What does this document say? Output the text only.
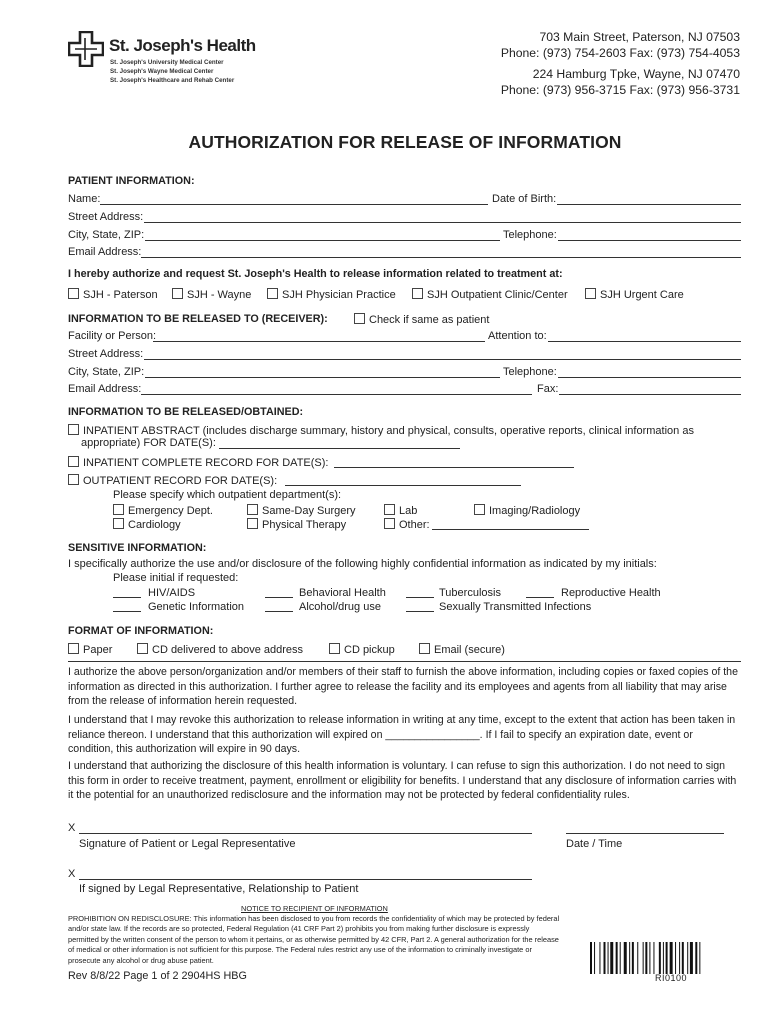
St. Joseph's Health
St. Joseph's University Medical Center
St. Joseph's Wayne Medical Center
St. Joseph's Healthcare and Rehab Center
703 Main Street, Paterson, NJ 07503
Phone: (973) 754-2603 Fax: (973) 754-4053
224 Hamburg Tpke, Wayne, NJ 07470
Phone: (973) 956-3715 Fax: (973) 956-3731
AUTHORIZATION FOR RELEASE OF INFORMATION
PATIENT INFORMATION:
Name:	Date of Birth:
Street Address:
City, State, ZIP:	Telephone:
Email Address:
I hereby authorize and request St. Joseph's Health to release information related to treatment at:
SJH - Paterson	SJH - Wayne	SJH Physician Practice	SJH Outpatient Clinic/Center	SJH Urgent Care
INFORMATION TO BE RELEASED TO (RECEIVER):	Check if same as patient
Facility or Person:	Attention to:
Street Address:
City, State, ZIP:	Telephone:
Email Address:	Fax:
INFORMATION TO BE RELEASED/OBTAINED:
INPATIENT ABSTRACT (includes discharge summary, history and physical, consults, operative reports, clinical information as
appropriate) FOR DATE(S):
INPATIENT COMPLETE RECORD FOR DATE(S):
OUTPATIENT RECORD FOR DATE(S):
Please specify which outpatient department(s):
Emergency Dept.	Same-Day Surgery	Lab	Imaging/Radiology
Cardiology	Physical Therapy	Other:
SENSITIVE INFORMATION:
I specifically authorize the use and/or disclosure of the following highly confidential information as indicated by my initials:
Please initial if requested:
HIV/AIDS	Behavioral Health	Tuberculosis	Reproductive Health
Genetic Information	Alcohol/drug use	Sexually Transmitted Infections
FORMAT OF INFORMATION:
Paper	CD delivered to above address	CD pickup	Email (secure)
I authorize the above person/organization and/or members of their staff to furnish the above information, including copies or faxed copies of the information as directed in this authorization. I further agree to release the facility and its employees and agents from all liability that may arise from the release of information herein requested.
I understand that I may revoke this authorization to release information in writing at any time, except to the extent that action has been taken in reliance thereon. I understand that this authorization will expired on ________________. If I fail to specify an expiration date, event or condition, this authorization will expire in 90 days.
I understand that authorizing the disclosure of this health information is voluntary. I can refuse to sign this authorization. I do not need to sign this form in order to receive treatment, payment, enrollment or eligibility for benefits. I understand that any disclosure of information carries with it the potential for an unauthorized redisclosure and the information may not be protected by federal confidentiality rules.
X
Signature of Patient or Legal Representative	Date / Time
X
If signed by Legal Representative, Relationship to Patient
NOTICE TO RECIPIENT OF INFORMATION
PROHIBITION ON REDISCLOSURE: This information has been disclosed to you from records the confidentiality of which may be protected by federal and/or state law. If the records are so protected, Federal Regulation (41 CRF Part 2) prohibits you from making further disclosure is expressly permitted by the written consent of the person to whom it pertains, or as otherwise permitted by 42 CFR, Part 2. A general authorization for the release of medical or other information is not sufficient for this purpose. The Federal rules restrict any use of the information to criminally investigate or prosecute any alcohol or drug abuse patient.
RI0100
Rev 8/8/22 Page 1 of 2 2904HS HBG
